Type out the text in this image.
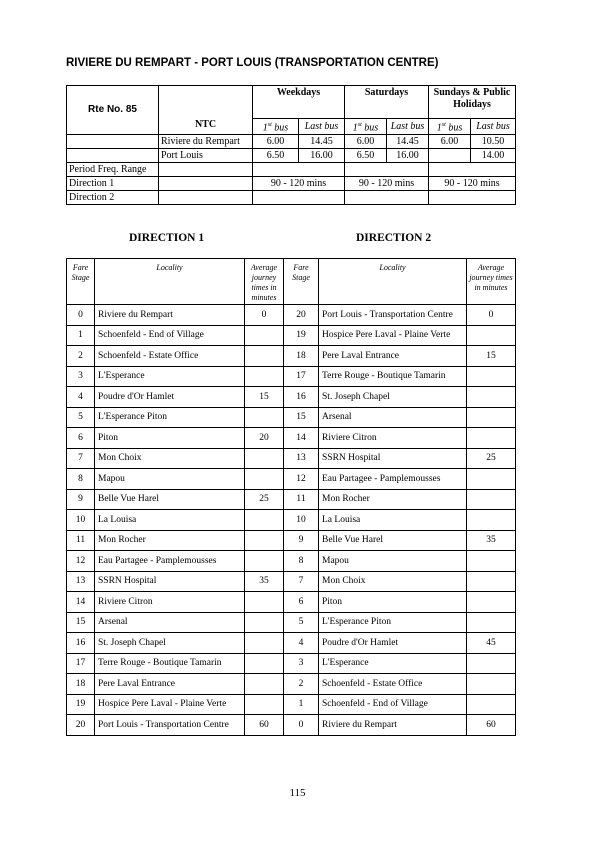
RIVIERE DU REMPART - PORT LOUIS (TRANSPORTATION CENTRE)
Rte No. 85	NTC	Weekdays		Saturdays		Sundays & Public Holidays	
		1st bus	Last bus	1st bus	Last bus	1st bus	Last bus
	Riviere du Rempart	6.00	14.45	6.00	14.45	6.00	10.50
	Port Louis	6.50	16.00	6.50	16.00		14.00
Period Freq. Range							
Direction 1		90 - 120 mins		90 - 120 mins		90 - 120 mins	
Direction 2							
DIRECTION 1	DIRECTION 2
Fare Stage	Locality	Average journey times in minutes	Fare Stage	Locality	Average journey times in minutes
0	Riviere du Rempart	0	20	Port Louis - Transportation Centre	0
1	Schoenfeld - End of Village		19	Hospice Pere Laval - Plaine Verte	
2	Schoenfeld - Estate Office		18	Pere Laval Entrance	15
3	L'Esperance		17	Terre Rouge - Boutique Tamarin	
4	Poudre d'Or Hamlet	15	16	St. Joseph Chapel	
5	L'Esperance Piton		15	Arsenal	
6	Piton	20	14	Riviere Citron	
7	Mon Choix		13	SSRN Hospital	25
8	Mapou		12	Eau Partagee - Pamplemousses	
9	Belle Vue Harel	25	11	Mon Rocher	
10	La Louisa		10	La Louisa	
11	Mon Rocher		9	Belle Vue Harel	35
12	Eau Partagee - Pamplemousses		8	Mapou	
13	SSRN Hospital	35	7	Mon Choix	
14	Riviere Citron		6	Piton	
15	Arsenal		5	L'Esperance Piton	
16	St. Joseph Chapel		4	Poudre d'Or Hamlet	45
17	Terre Rouge - Boutique Tamarin		3	L'Esperance	
18	Pere Laval Entrance		2	Schoenfeld - Estate Office	
19	Hospice Pere Laval - Plaine Verte		1	Schoenfeld - End of Village	
20	Port Louis - Transportation Centre	60	0	Riviere du Rempart	60
115
